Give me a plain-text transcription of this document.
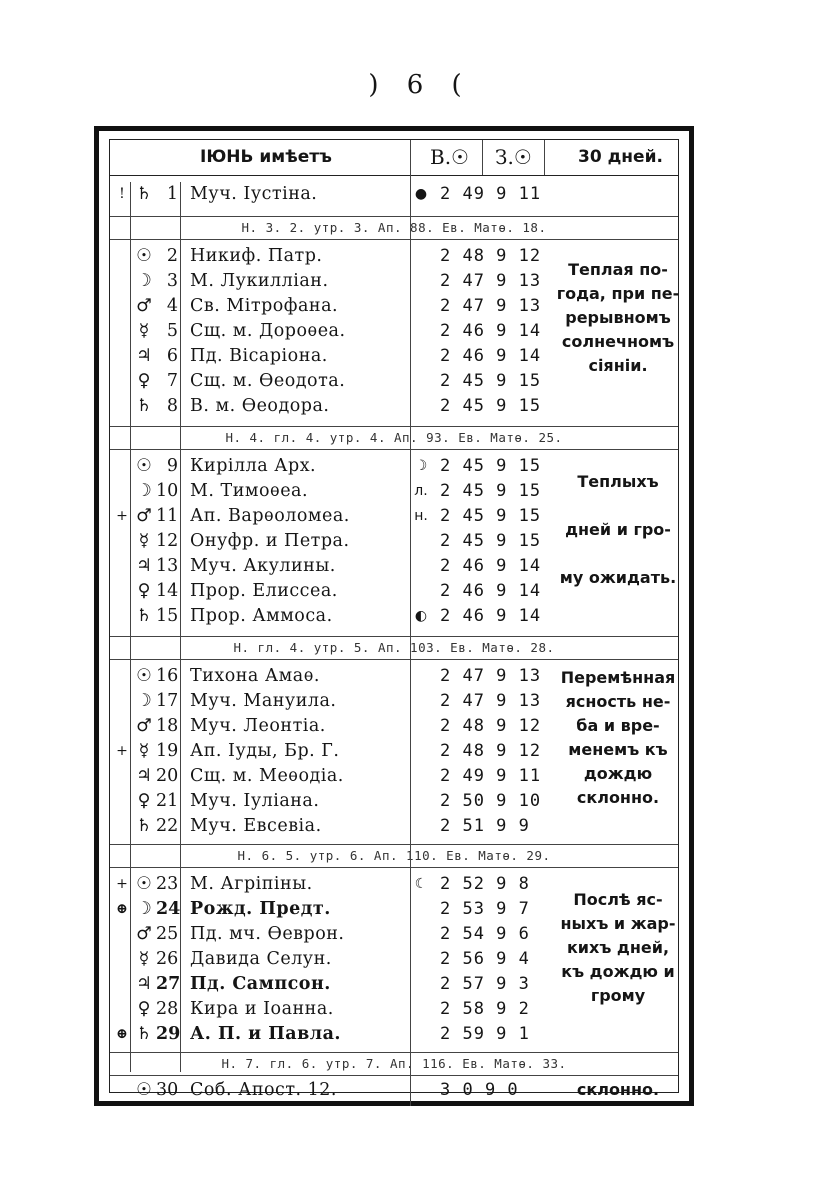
) 6 (
ІЮНЬ имѣетъ	В.☉ З.☉	30 дней.
! ♄ 1 Муч. Іустіна.	● 2 49 9 11
Н. 3. 2. утр. 3. Ап. 88. Ев. Матѳ. 18.
☉ 2 Никиф. Патр.	2 48 9 12
☽ 3 М. Лукилліан.	2 47 9 13
♂ 4 Св. Мітрофана.	2 47 9 13
☿ 5 Сщ. м. Дороѳеа.	2 46 9 14
♃ 6 Пд. Вісаріона.	2 46 9 14
♀ 7 Сщ. м. Ѳеодота.	2 45 9 15
♄ 8 В. м. Ѳеодора.	2 45 9 15
Теплая по-
года, при пе-
рерывномъ
солнечномъ
сіяніи.
Н. 4. гл. 4. утр. 4. Ап. 93. Ев. Матѳ. 25.
☉ 9 Кирілла Арх.	☽ 2 45 9 15
☽ 10 М. Тимоѳеа.	л. 2 45 9 15
+ ♂ 11 Ап. Варѳоломеа.	н. 2 45 9 15
☿ 12 Онуфр. и Петра.	2 45 9 15
♃ 13 Муч. Акулины.	2 46 9 14
♀ 14 Прор. Елиссеа.	2 46 9 14
♄ 15 Прор. Аммоса.	◐ 2 46 9 14
Теплыхъ
дней и гро-
му ожидать.
Н. гл. 4. утр. 5. Ап. 103. Ев. Матѳ. 28.
☉ 16 Тихона Амаѳ.	2 47 9 13
☽ 17 Муч. Мануила.	2 47 9 13
♂ 18 Муч. Леонтіа.	2 48 9 12
+ ☿ 19 Ап. Іуды, Бр. Г.	2 48 9 12
♃ 20 Сщ. м. Меѳодіа.	2 49 9 11
♀ 21 Муч. Іуліана.	2 50 9 10
♄ 22 Муч. Евсевіа.	2 51 9 9
Перемѣнная
ясность не-
ба и вре-
менемъ къ
дождю
склонно.
Н. 6. 5. утр. 6. Ап. 110. Ев. Матѳ. 29.
+ ☉ 23 М. Агріпіны.	☾ 2 52 9 8
⊕ ☽ 24 Рожд. Предт.	2 53 9 7
♂ 25 Пд. мч. Ѳеврон.	2 54 9 6
☿ 26 Давида Селун.	2 56 9 4
♃ 27 Пд. Сампсон.	2 57 9 3
♀ 28 Кира и Іоанна.	2 58 9 2
⊕ ♄ 29 А. П. и Павла.	2 59 9 1
Послѣ яс-
ныхъ и жар-
кихъ дней,
къ дождю и
грому
Н. 7. гл. 6. утр. 7. Ап. 116. Ев. Матѳ. 33.
☉ 30 Соб. Апост. 12.	3 0 9 0	склонно.
